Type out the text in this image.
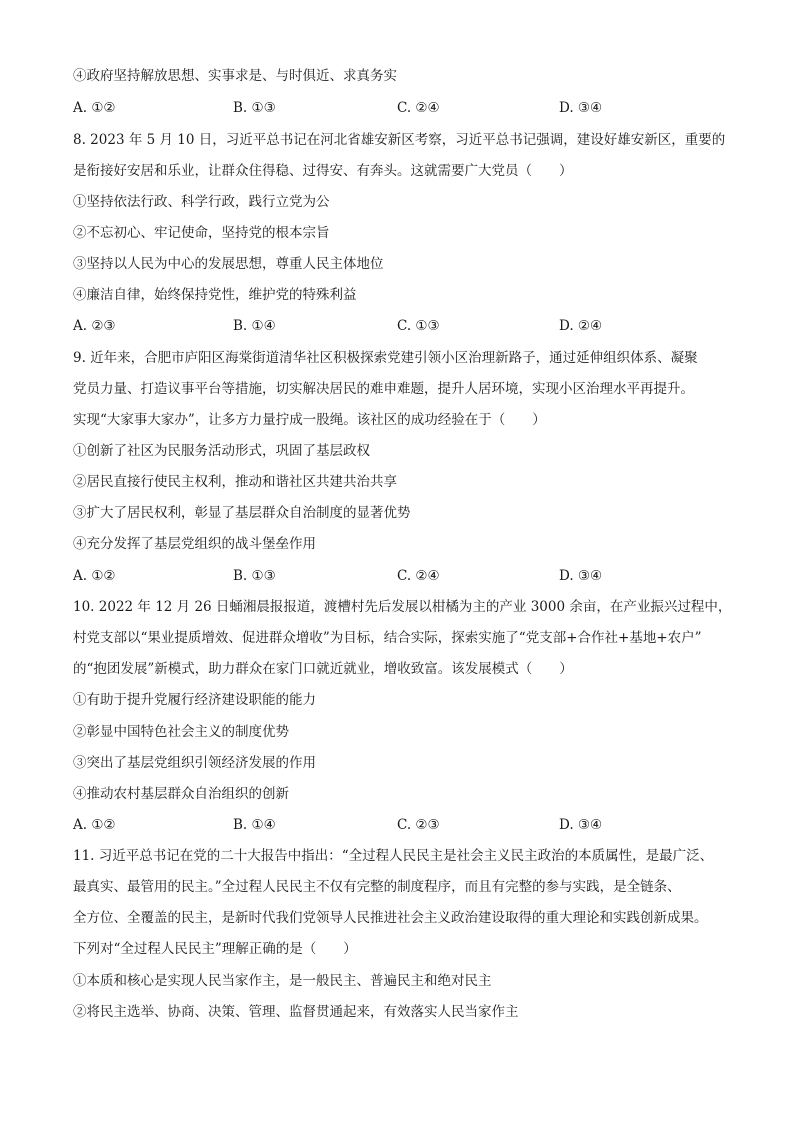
④政府坚持解放思想、实事求是、与时俱近、求真务实
A. ①②	B. ①③	C. ②④	D. ③④
8. 2023 年 5 月 10 日，习近平总书记在河北省雄安新区考察，习近平总书记强调，建设好雄安新区，重要的
是衔接好安居和乐业，让群众住得稳、过得安、有奔头。这就需要广大党员（　　）
①坚持依法行政、科学行政，践行立党为公
②不忘初心、牢记使命，坚持党的根本宗旨
③坚持以人民为中心的发展思想，尊重人民主体地位
④廉洁自律，始终保持党性，维护党的特殊利益
A. ②③	B. ①④	C. ①③	D. ②④
9. 近年来，合肥市庐阳区海棠街道清华社区积极探索党建引领小区治理新路子，通过延伸组织体系、凝聚
党员力量、打造议事平台等措施，切实解决居民的难申难题，提升人居环境，实现小区治理水平再提升。
实现“大家事大家办”，让多方力量拧成一股绳。该社区的成功经验在于（　　）
①创新了社区为民服务活动形式，巩固了基层政权
②居民直接行使民主权利，推动和谐社区共建共治共享
③扩大了居民权利，彰显了基层群众自治制度的显著优势
④充分发挥了基层党组织的战斗堡垒作用
A. ①②	B. ①③	C. ②④	D. ③④
10. 2022 年 12 月 26 日蛹湘晨报报道，渡槽村先后发展以柑橘为主的产业 3000 余亩，在产业振兴过程中，
村党支部以“果业提质增效、促进群众增收”为目标，结合实际，探索实施了“党支部+合作社+基地+农户”
的“抱团发展”新模式，助力群众在家门口就近就业，增收致富。该发展模式（　　）
①有助于提升党履行经济建设职能的能力
②彰显中国特色社会主义的制度优势
③突出了基层党组织引领经济发展的作用
④推动农村基层群众自治组织的创新
A. ①②	B. ①④	C. ②③	D. ③④
11. 习近平总书记在党的二十大报告中指出：“全过程人民民主是社会主义民主政治的本质属性，是最广泛、
最真实、最管用的民主。”全过程人民民主不仅有完整的制度程序，而且有完整的参与实践，是全链条、
全方位、全覆盖的民主，是新时代我们党领导人民推进社会主义政治建设取得的重大理论和实践创新成果。
下列对“全过程人民民主”理解正确的是（　　）
①本质和核心是实现人民当家作主，是一般民主、普遍民主和绝对民主
②将民主选举、协商、决策、管理、监督贯通起来，有效落实人民当家作主
